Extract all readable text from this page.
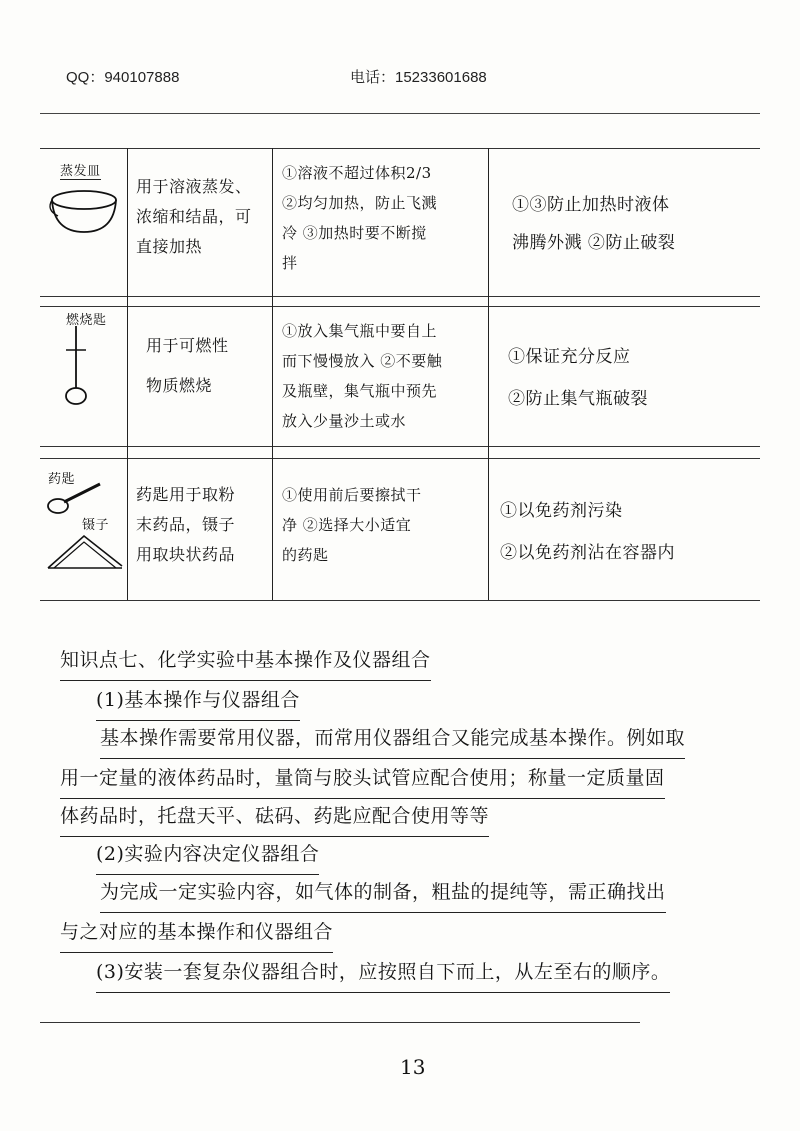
QQ：940107888	电话：15233601688
蒸发皿
用于溶液蒸发、
浓缩和结晶，可
直接加热
①溶液不超过体积2/3
②均匀加热，防止飞溅
冷 ③加热时要不断搅
拌
①③防止加热时液体
沸腾外溅 ②防止破裂
燃烧匙
用于可燃性
物质燃烧
①放入集气瓶中要自上
而下慢慢放入 ②不要触
及瓶壁，集气瓶中预先
放入少量沙土或水
①保证充分反应
②防止集气瓶破裂
药匙
镊子
药匙用于取粉
末药品，镊子
用取块状药品
①使用前后要擦拭干
净 ②选择大小适宜
的药匙
①以免药剂污染
②以免药剂沾在容器内
知识点七、化学实验中基本操作及仪器组合
(1)基本操作与仪器组合
基本操作需要常用仪器，而常用仪器组合又能完成基本操作。例如取
用一定量的液体药品时，量筒与胶头试管应配合使用；称量一定质量固
体药品时，托盘天平、砝码、药匙应配合使用等等
(2)实验内容决定仪器组合
为完成一定实验内容，如气体的制备，粗盐的提纯等，需正确找出
与之对应的基本操作和仪器组合
(3)安装一套复杂仪器组合时，应按照自下而上，从左至右的顺序。
13
